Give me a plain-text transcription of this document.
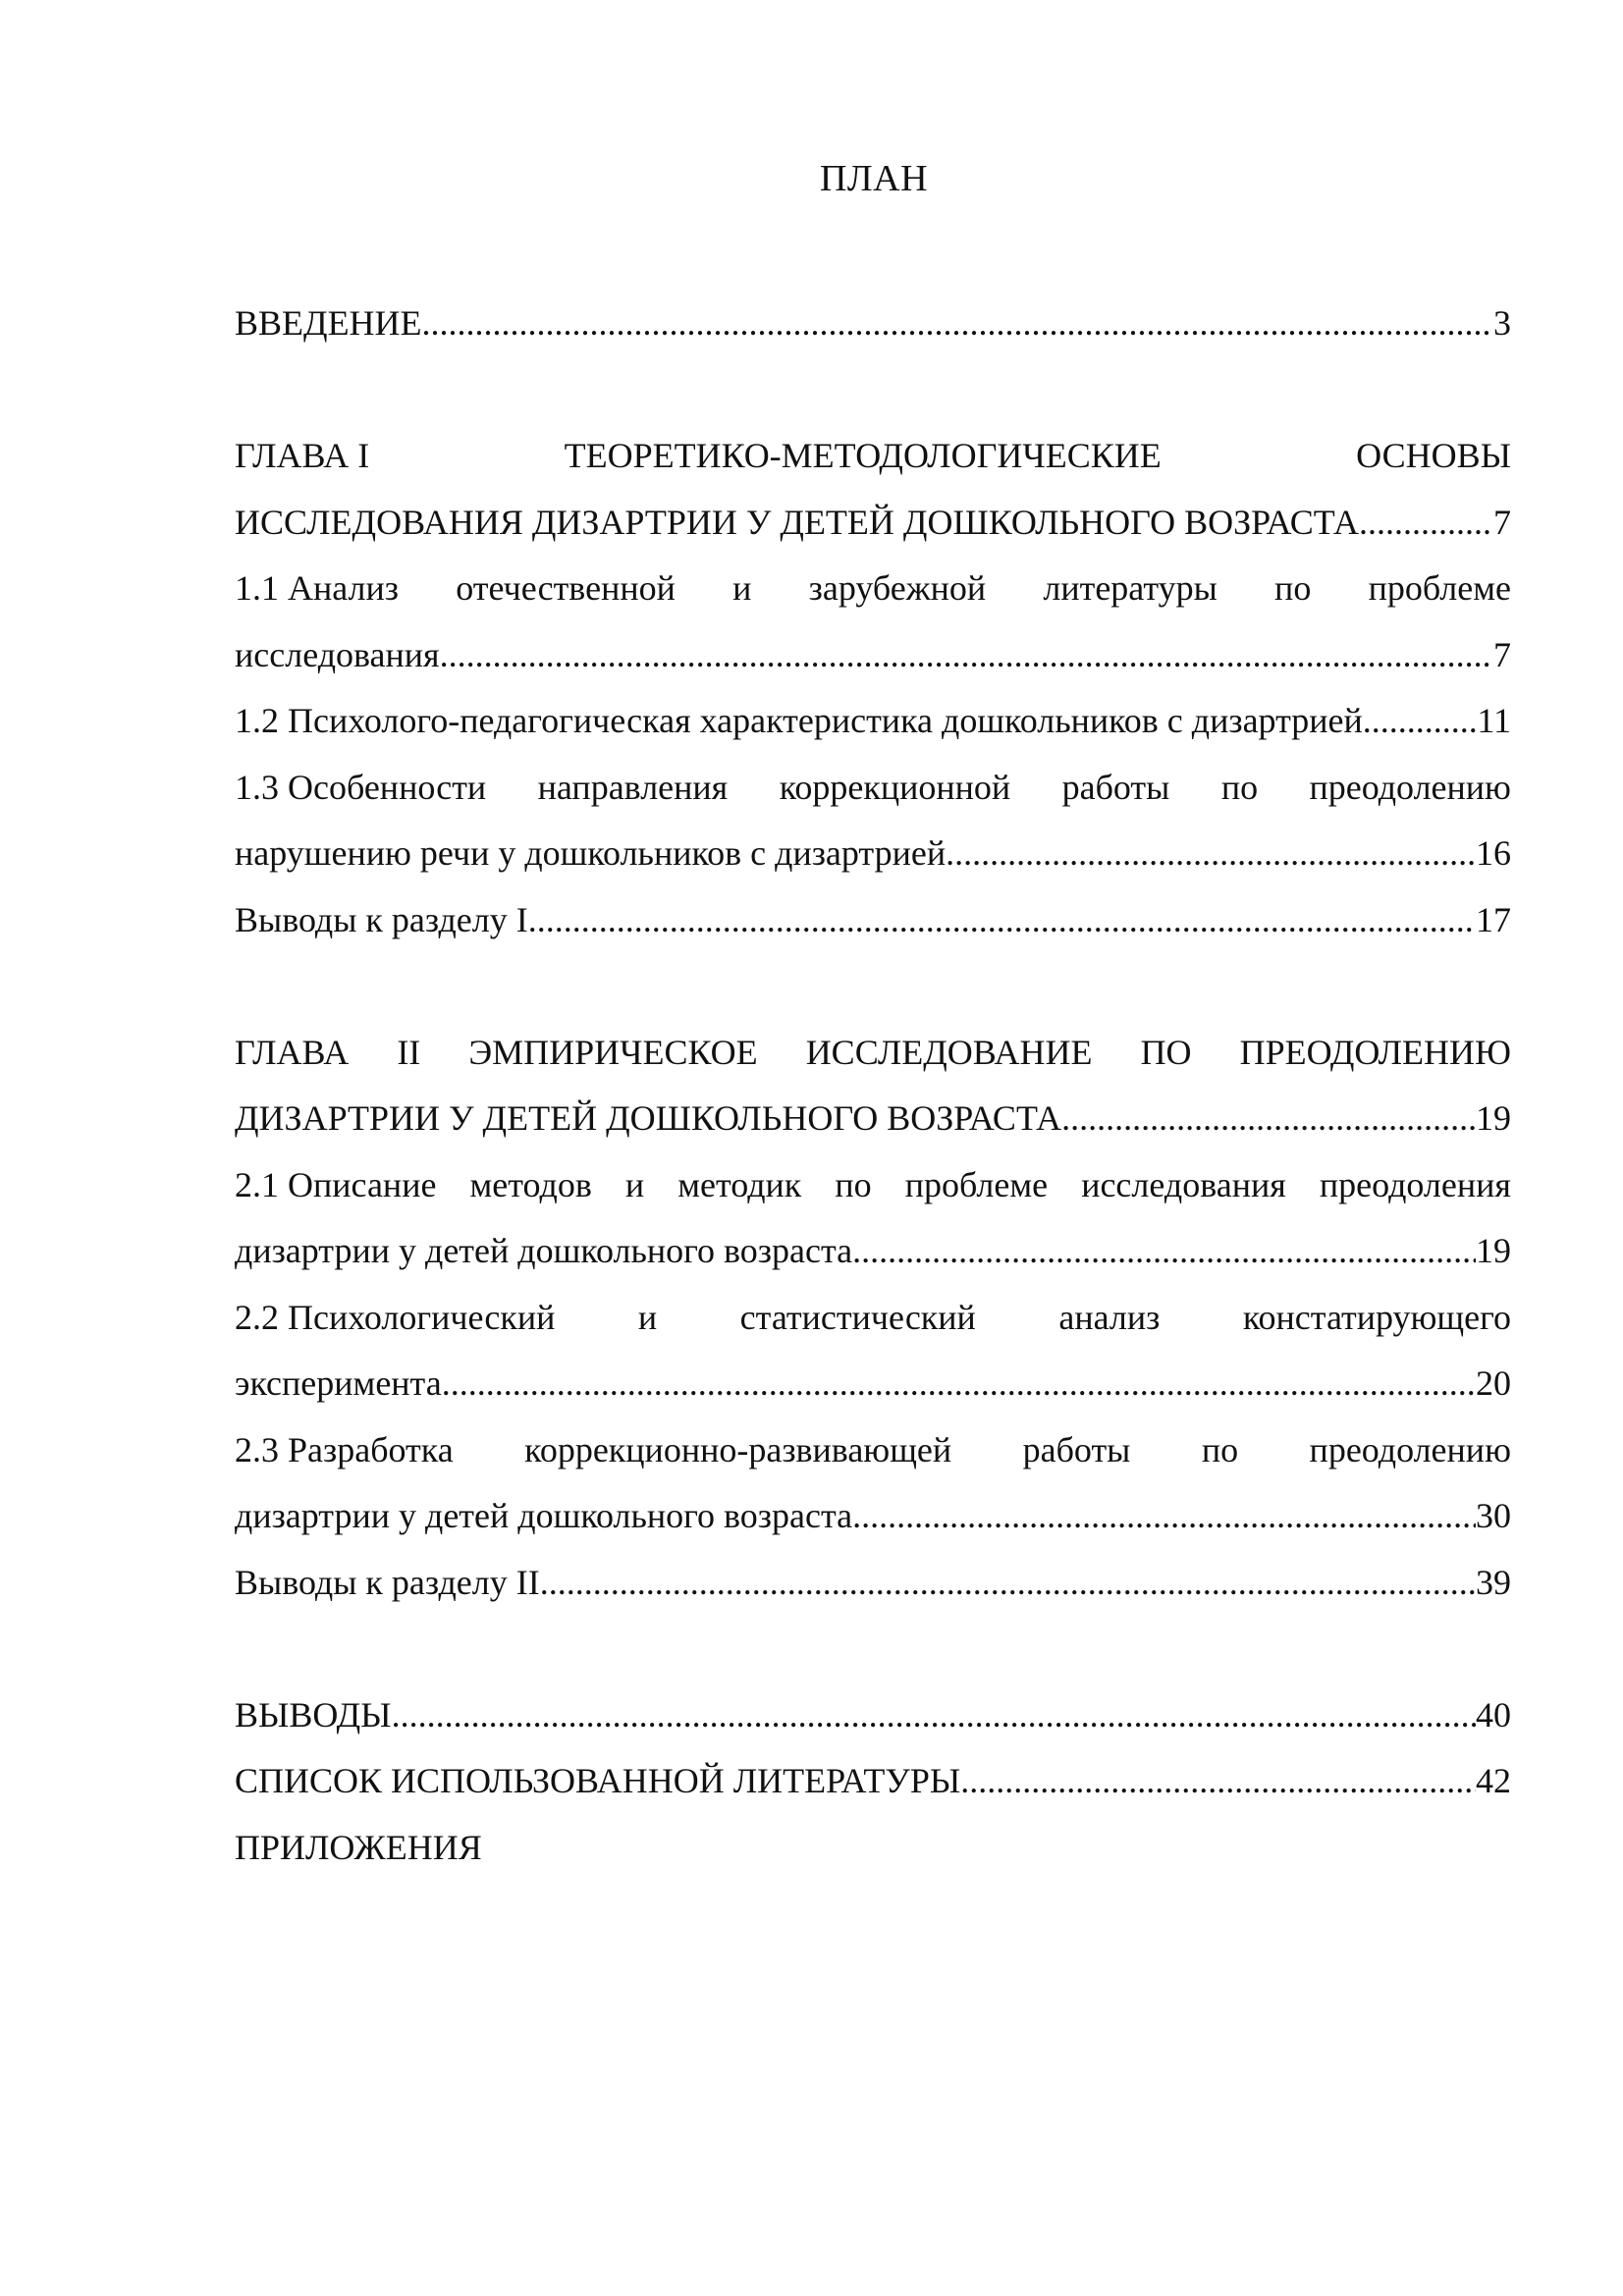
ПЛАН
ВВЕДЕНИЕ .....	3
ГЛАВА I	ТЕОРЕТИКО-МЕТОДОЛОГИЧЕСКИЕ	ОСНОВЫ
ИССЛЕДОВАНИЯ ДИЗАРТРИИ У ДЕТЕЙ ДОШКОЛЬНОГО ВОЗРАСТА .....	7
1.1 Анализ отечественной и зарубежной литературы по проблеме
исследования .....	7
1.2 Психолого-педагогическая характеристика дошкольников с дизартрией .....	11
1.3 Особенности направления коррекционной работы по преодолению
нарушению речи у дошкольников с дизартрией .....	16
Выводы к разделу I .....	17
ГЛАВА II ЭМПИРИЧЕСКОЕ ИССЛЕДОВАНИЕ ПО ПРЕОДОЛЕНИЮ
ДИЗАРТРИИ У ДЕТЕЙ ДОШКОЛЬНОГО ВОЗРАСТА .....	19
2.1 Описание методов и методик по проблеме исследования преодоления
дизартрии у детей дошкольного возраста .....	19
2.2 Психологический и статистический анализ констатирующего
эксперимента .....	20
2.3 Разработка коррекционно-развивающей работы по преодолению
дизартрии у детей дошкольного возраста .....	30
Выводы к разделу II .....	39
ВЫВОДЫ .....	40
СПИСОК ИСПОЛЬЗОВАННОЙ ЛИТЕРАТУРЫ .....	42
ПРИЛОЖЕНИЯ
